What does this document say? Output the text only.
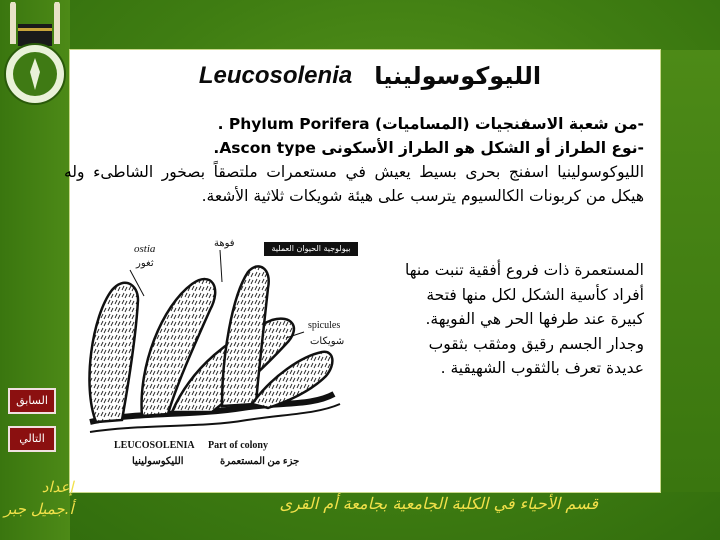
Leucosolenia الليوكوسولينيا
-من شعبة الاسفنجيات (المساميات) Phylum Porifera .
-نوع الطراز أو الشكل هو الطراز الأسكونى Ascon type.
الليوكوسولينيا اسفنج بحرى بسيط يعيش في مستعمرات ملتصقاً بصخور الشاطىء وله هيكل من كربونات الكالسيوم يترسب على هيئة شويكات ثلاثية الأشعة.
المستعمرة ذات فروع أفقية تنبت منها
أفراد كأسية الشكل لكل منها فتحة
كبيرة عند طرفها الحر هي الفويهة.
وجدار الجسم رقيق ومثقب بثقوب
عديدة تعرف بالثقوب الشهيقية .
ostia
ثغور
فوهة
spicules
شويكات
LEUCOSOLENIA Part of colony
الليكوسولينيا	جزء من المستعمرة
بيولوجية الحيوان العملية
السابق
التالي
إعداد
أ.جميل جبر	قسم الأحياء في الكلية الجامعية بجامعة أم القرى
